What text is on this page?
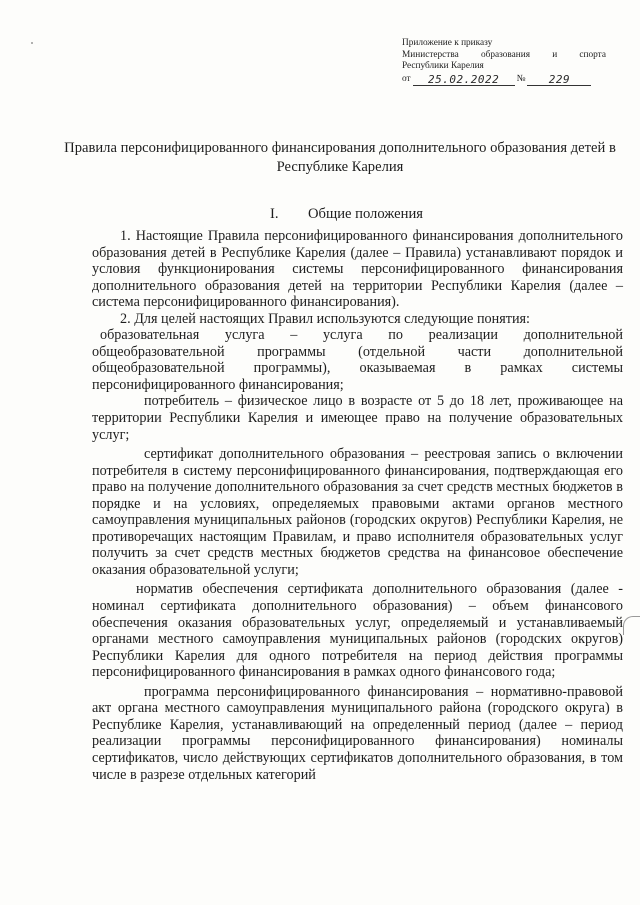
Приложение к приказу
Министерства образования и спорта
Республики Карелия
от	25.02.2022	№	229
Правила персонифицированного финансирования дополнительного образования детей в Республике Карелия
I. Общие положения

1. Настоящие Правила персонифицированного финансирования дополнительного образования детей в Республике Карелия (далее – Правила) устанавливают порядок и условия функционирования системы персонифицированного финансирования дополнительного образования детей на территории Республики Карелия (далее – система персонифицированного финансирования).

2. Для целей настоящих Правил используются следующие понятия:

образовательная услуга – услуга по реализации дополнительной общеобразовательной программы (отдельной части дополнительной общеобразовательной программы), оказываемая в рамках системы персонифицированного финансирования;

потребитель – физическое лицо в возрасте от 5 до 18 лет, проживающее на территории Республики Карелия и имеющее право на получение образовательных услуг;

сертификат дополнительного образования – реестровая запись о включении потребителя в систему персонифицированного финансирования, подтверждающая его право на получение дополнительного образования за счет средств местных бюджетов в порядке и на условиях, определяемых правовыми актами органов местного самоуправления муниципальных районов (городских округов) Республики Карелия, не противоречащих настоящим Правилам, и право исполнителя образовательных услуг получить за счет средств местных бюджетов средства на финансовое обеспечение оказания образовательной услуги;

норматив обеспечения сертификата дополнительного образования (далее - номинал сертификата дополнительного образования) – объем финансового обеспечения оказания образовательных услуг, определяемый и устанавливаемый органами местного самоуправления муниципальных районов (городских округов) Республики Карелия для одного потребителя на период действия программы персонифицированного финансирования в рамках одного финансового года;

программа персонифицированного финансирования – нормативно-правовой акт органа местного самоуправления муниципального района (городского округа) в Республике Карелия, устанавливающий на определенный период (далее – период реализации программы персонифицированного финансирования) номиналы сертификатов, число действующих сертификатов дополнительного образования, в том числе в разрезе отдельных категорий
